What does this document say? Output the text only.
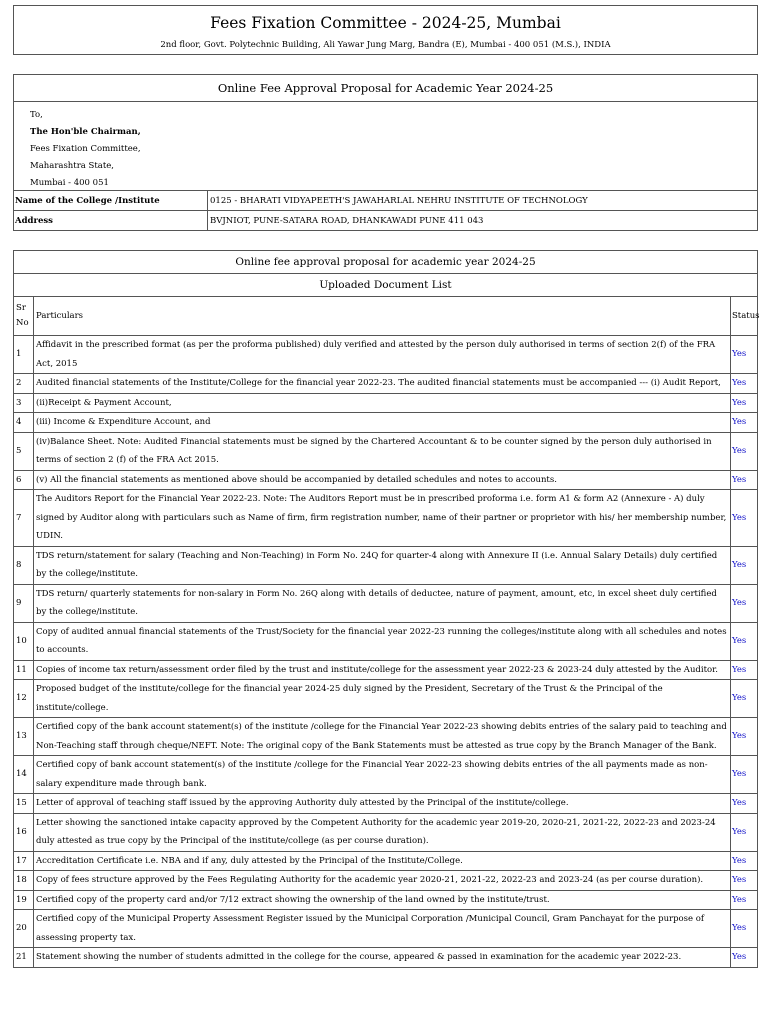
Fees Fixation Committee - 2024-25, Mumbai
2nd floor, Govt. Polytechnic Building, Ali Yawar Jung Marg, Bandra (E), Mumbai - 400 051 (M.S.), INDIA
Online Fee Approval Proposal for Academic Year 2024-25
To,
The Hon'ble Chairman,
Fees Fixation Committee,
Maharashtra State,
Mumbai - 400 051
Name of the College /Institute	0125 - BHARATI VIDYAPEETH'S JAWAHARLAL NEHRU INSTITUTE OF TECHNOLOGY
Address	BVJNIOT, PUNE-SATARA ROAD, DHANKAWADI PUNE 411 043
Online fee approval proposal for academic year 2024-25		
Uploaded Document List		
Sr No	Particulars	Status
1	Affidavit in the prescribed format (as per the proforma published) duly verified and attested by the person duly authorised in terms of section 2(f) of the FRA Act, 2015	Yes
2	Audited financial statements of the Institute/College for the financial year 2022-23. The audited financial statements must be accompanied --- (i) Audit Report,	Yes
3	(ii)Receipt & Payment Account,	Yes
4	(iii) Income & Expenditure Account, and	Yes
5	(iv)Balance Sheet. Note: Audited Financial statements must be signed by the Chartered Accountant & to be counter signed by the person duly authorised in terms of section 2 (f) of the FRA Act 2015.	Yes
6	(v) All the financial statements as mentioned above should be accompanied by detailed schedules and notes to accounts.	Yes
7	The Auditors Report for the Financial Year 2022-23. Note: The Auditors Report must be in prescribed proforma i.e. form A1 & form A2 (Annexure - A) duly signed by Auditor along with particulars such as Name of firm, firm registration number, name of their partner or proprietor with his/ her membership number, UDIN.	Yes
8	TDS return/statement for salary (Teaching and Non-Teaching) in Form No. 24Q for quarter-4 along with Annexure II (i.e. Annual Salary Details) duly certified by the college/institute.	Yes
9	TDS return/ quarterly statements for non-salary in Form No. 26Q along with details of deductee, nature of payment, amount, etc, in excel sheet duly certified by the college/institute.	Yes
10	Copy of audited annual financial statements of the Trust/Society for the financial year 2022-23 running the colleges/institute along with all schedules and notes to accounts.	Yes
11	Copies of income tax return/assessment order filed by the trust and institute/college for the assessment year 2022-23 & 2023-24 duly attested by the Auditor.	Yes
12	Proposed budget of the institute/college for the financial year 2024-25 duly signed by the President, Secretary of the Trust & the Principal of the institute/college.	Yes
13	Certified copy of the bank account statement(s) of the institute /college for the Financial Year 2022-23 showing debits entries of the salary paid to teaching and Non-Teaching staff through cheque/NEFT. Note: The original copy of the Bank Statements must be attested as true copy by the Branch Manager of the Bank.	Yes
14	Certified copy of bank account statement(s) of the institute /college for the Financial Year 2022-23 showing debits entries of the all payments made as non-salary expenditure made through bank.	Yes
15	Letter of approval of teaching staff issued by the approving Authority duly attested by the Principal of the institute/college.	Yes
16	Letter showing the sanctioned intake capacity approved by the Competent Authority for the academic year 2019-20, 2020-21, 2021-22, 2022-23 and 2023-24 duly attested as true copy by the Principal of the institute/college (as per course duration).	Yes
17	Accreditation Certificate i.e. NBA and if any, duly attested by the Principal of the Institute/College.	Yes
18	Copy of fees structure approved by the Fees Regulating Authority for the academic year 2020-21, 2021-22, 2022-23 and 2023-24 (as per course duration).	Yes
19	Certified copy of the property card and/or 7/12 extract showing the ownership of the land owned by the institute/trust.	Yes
20	Certified copy of the Municipal Property Assessment Register issued by the Municipal Corporation /Municipal Council, Gram Panchayat for the purpose of assessing property tax.	Yes
21	Statement showing the number of students admitted in the college for the course, appeared & passed in examination for the academic year 2022-23.	Yes
